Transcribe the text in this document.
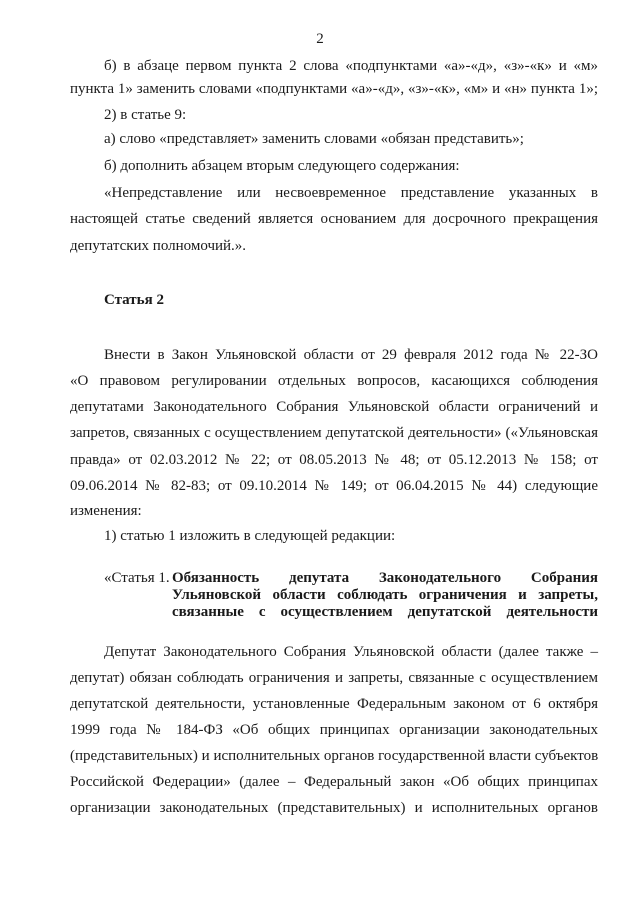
2
б) в абзаце первом пункта 2 слова «подпунктами «а»-«д», «з»-«к» и «м»
пункта 1» заменить словами «подпунктами «а»-«д», «з»-«к», «м» и «н» пункта 1»;
2) в статье 9:
а) слово «представляет» заменить словами «обязан представить»;
б) дополнить абзацем вторым следующего содержания:
«Непредставление или несвоевременное представление указанных в
настоящей статье сведений является основанием для досрочного прекращения
депутатских полномочий.».
Статья 2
Внести в Закон Ульяновской области от 29 февраля 2012 года № 22-ЗО
«О правовом регулировании отдельных вопросов, касающихся соблюдения
депутатами Законодательного Собрания Ульяновской области ограничений и
запретов, связанных с осуществлением депутатской деятельности» («Ульяновская
правда» от 02.03.2012 № 22; от 08.05.2013 № 48; от 05.12.2013 № 158; от
09.06.2014 № 82-83; от 09.10.2014 № 149; от 06.04.2015 № 44) следующие
изменения:
1) статью 1 изложить в следующей редакции:
«Статья 1. Обязанность депутата Законодательного Собрания
Ульяновской области соблюдать ограничения и запреты,
связанные с осуществлением депутатской деятельности
Депутат Законодательного Собрания Ульяновской области (далее также –
депутат) обязан соблюдать ограничения и запреты, связанные с осуществлением
депутатской деятельности, установленные Федеральным законом от 6 октября
1999 года № 184-ФЗ «Об общих принципах организации законодательных
(представительных) и исполнительных органов государственной власти субъектов
Российской Федерации» (далее – Федеральный закон «Об общих принципах
организации законодательных (представительных) и исполнительных органов
